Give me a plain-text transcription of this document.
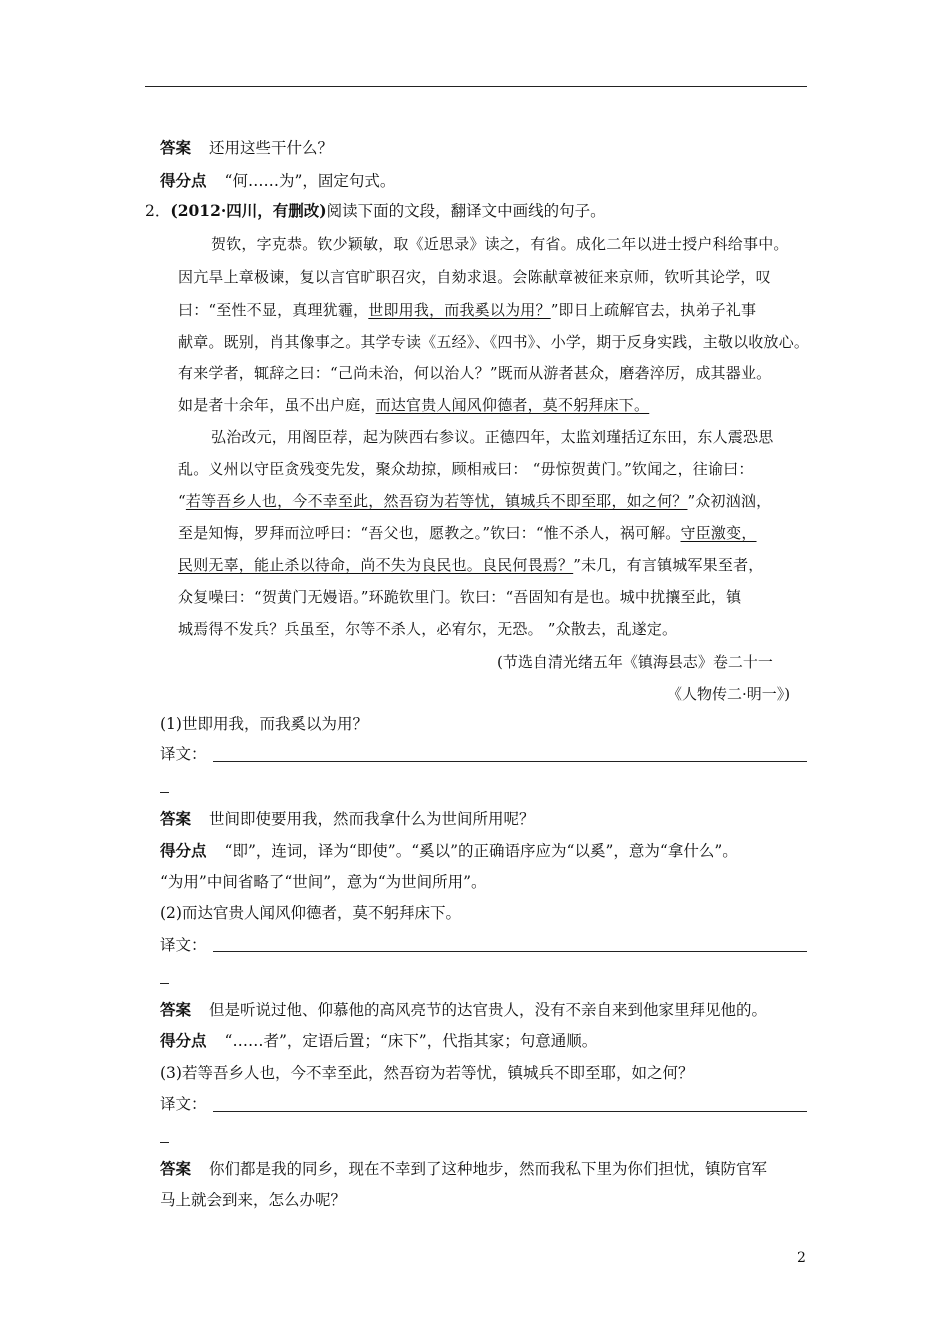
答案 还用这些干什么？
得分点 “何……为”，固定句式。
2．(2012·四川，有删改)阅读下面的文段，翻译文中画线的句子。
贺钦，字克恭。钦少颖敏，取《近思录》读之，有省。成化二年以进士授户科给事中。
因亢旱上章极谏，复以言官旷职召灾，自劾求退。会陈献章被征来京师，钦听其论学，叹
曰：“至性不显，真理犹霾，世即用我，而我奚以为用？”即日上疏解官去，执弟子礼事
献章。既别，肖其像事之。其学专读《五经》、《四书》、小学，期于反身实践，主敬以收放心。
有来学者，辄辞之曰：“己尚未治，何以治人？”既而从游者甚众，磨砻淬厉，成其器业。
如是者十余年，虽不出户庭，而达官贵人闻风仰德者，莫不躬拜床下。
弘治改元，用阁臣荐，起为陕西右参议。正德四年，太监刘瑾括辽东田，东人震恐思
乱。义州以守臣贪残变先发，聚众劫掠，顾相戒曰： “毋惊贺黄门。”钦闻之，往谕曰：
“若等吾乡人也，今不幸至此，然吾窃为若等忧，镇城兵不即至耶，如之何？”众初汹汹，
至是知悔，罗拜而泣呼曰：“吾父也，愿教之。”钦曰：“惟不杀人，祸可解。守臣激变，
民则无辜，能止杀以待命，尚不失为良民也。良民何畏焉？”未几，有言镇城军果至者，
众复噪曰：“贺黄门无嫚语。”环跪钦里门。钦曰：“吾固知有是也。城中扰攘至此，镇
城焉得不发兵？兵虽至，尔等不杀人，必宥尔，无恐。 ”众散去，乱遂定。
(节选自清光绪五年《镇海县志》卷二十一
《人物传二·明一》)
(1)世即用我，而我奚以为用？
译文：
答案 世间即使要用我，然而我拿什么为世间所用呢？
得分点 “即”，连词，译为“即使”。“奚以”的正确语序应为“以奚”，意为“拿什么”。
“为用”中间省略了“世间”，意为“为世间所用”。
(2)而达官贵人闻风仰德者，莫不躬拜床下。
译文：
答案 但是听说过他、仰慕他的高风亮节的达官贵人，没有不亲自来到他家里拜见他的。
得分点 “……者”，定语后置；“床下”，代指其家；句意通顺。
(3)若等吾乡人也，今不幸至此，然吾窃为若等忧，镇城兵不即至耶，如之何？
译文：
答案 你们都是我的同乡，现在不幸到了这种地步，然而我私下里为你们担忧，镇防官军
马上就会到来，怎么办呢？
2
